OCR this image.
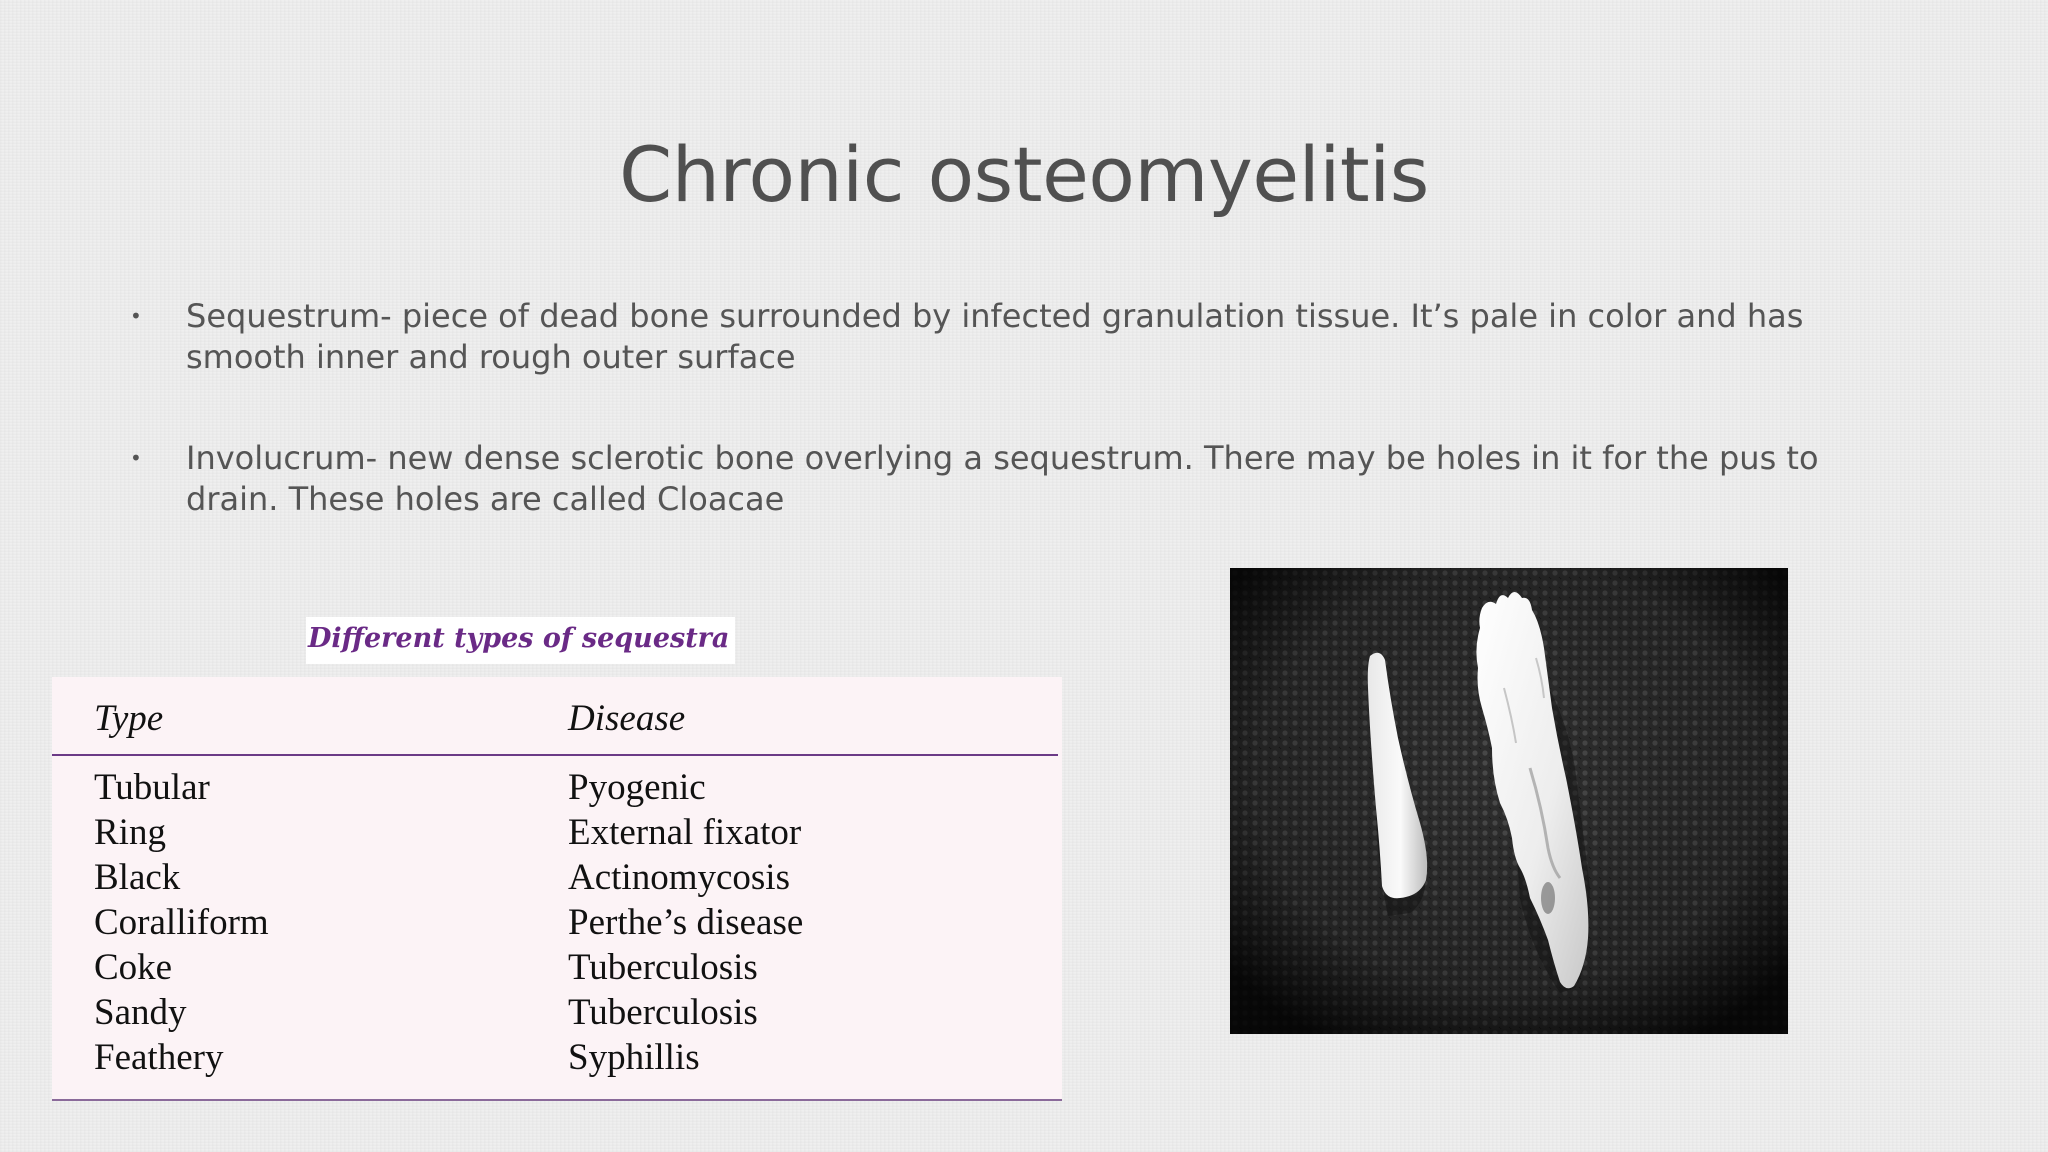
Chronic osteomyelitis
• Sequestrum- piece of dead bone surrounded by infected granulation tissue. It’s pale in color and has smooth inner and rough outer surface
• Involucrum- new dense sclerotic bone overlying a sequestrum. There may be holes in it for the pus to drain. These holes are called Cloacae
Different types of sequestra
Type	Disease
Tubular	Pyogenic
Ring	External fixator
Black	Actinomycosis
Coralliform	Perthe’s disease
Coke	Tuberculosis
Sandy	Tuberculosis
Feathery	Syphillis
